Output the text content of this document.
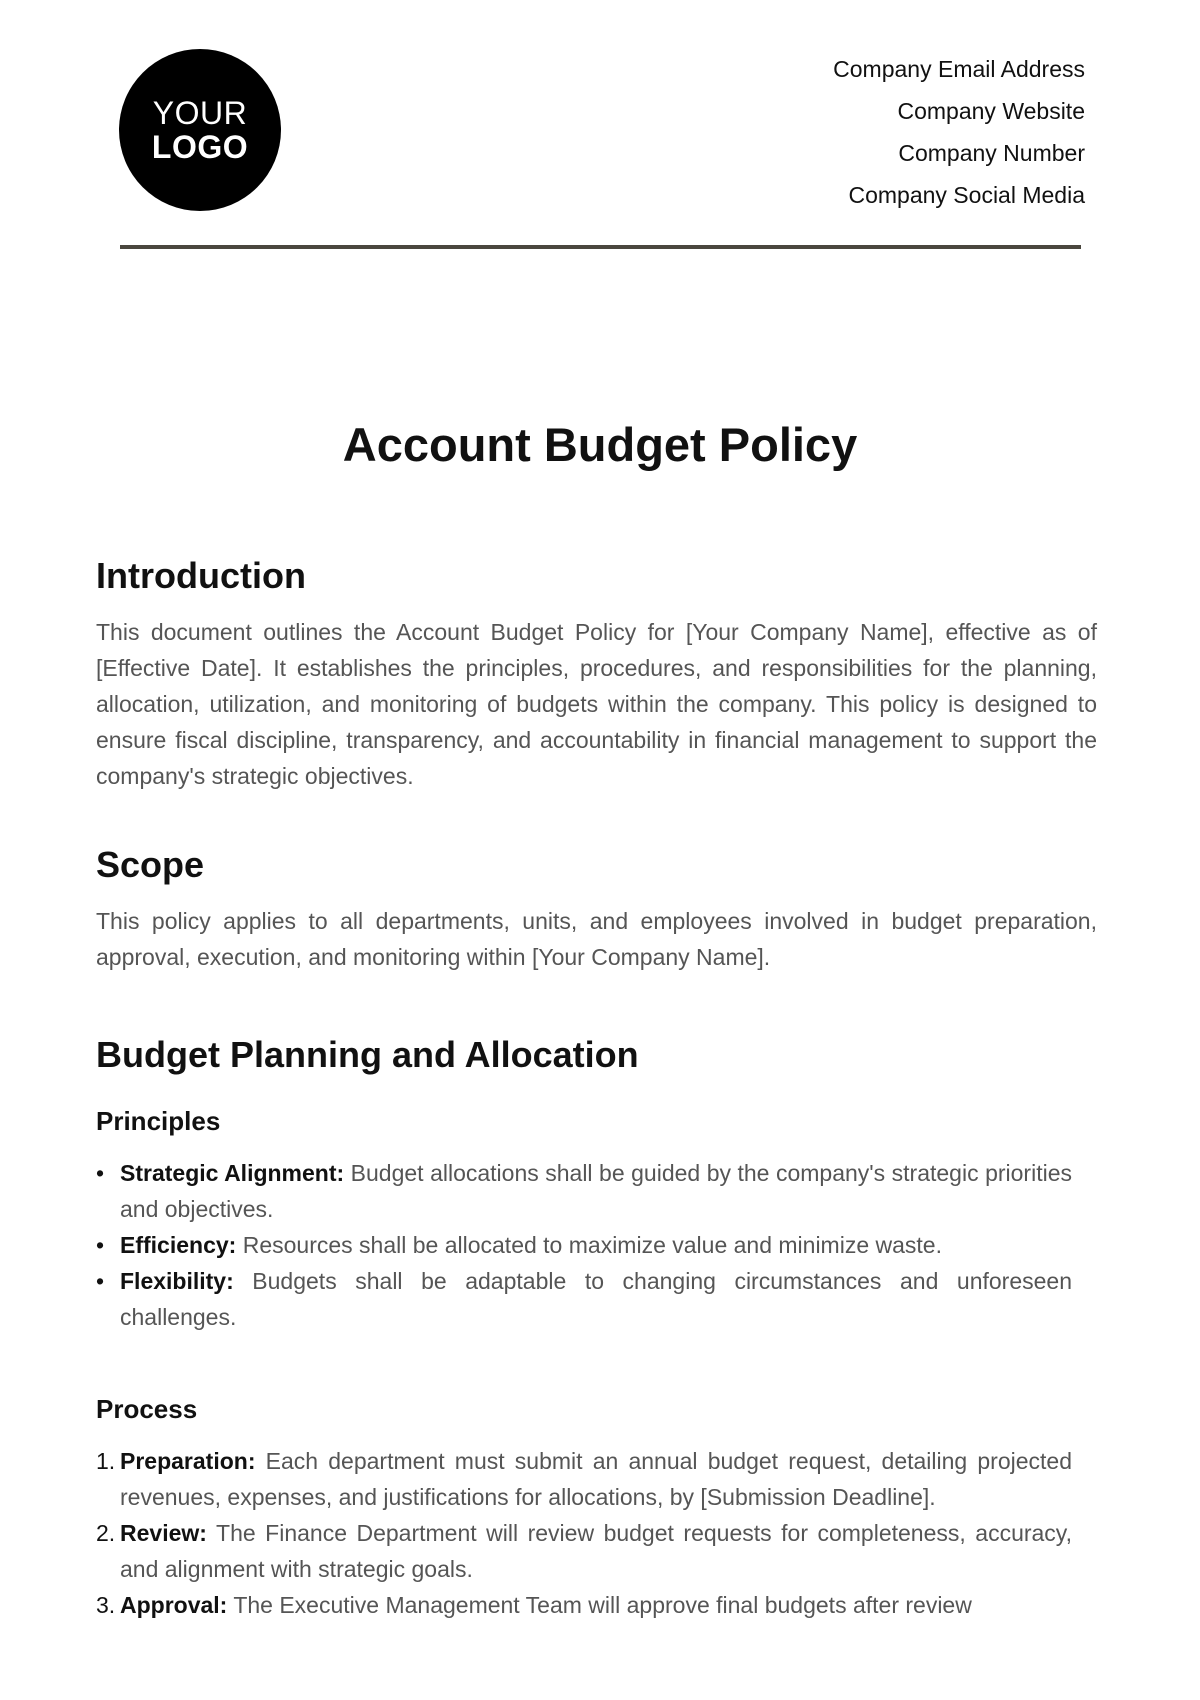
YOUR
LOGO
Company Email Address
Company Website
Company Number
Company Social Media
Account Budget Policy
Introduction

This document outlines the Account Budget Policy for [Your Company Name], effective as of [Effective Date]. It establishes the principles, procedures, and responsibilities for the planning, allocation, utilization, and monitoring of budgets within the company. This policy is designed to ensure fiscal discipline, transparency, and accountability in financial management to support the company's strategic objectives.

Scope

This policy applies to all departments, units, and employees involved in budget preparation, approval, execution, and monitoring within [Your Company Name].

Budget Planning and Allocation
Principles
• Strategic Alignment: Budget allocations shall be guided by the company's strategic priorities and objectives.
• Efficiency: Resources shall be allocated to maximize value and minimize waste.
• Flexibility: Budgets shall be adaptable to changing circumstances and unforeseen challenges.
Process
1. Preparation: Each department must submit an annual budget request, detailing projected revenues, expenses, and justifications for allocations, by [Submission Deadline].
2. Review: The Finance Department will review budget requests for completeness, accuracy, and alignment with strategic goals.
3. Approval: The Executive Management Team will approve final budgets after review
